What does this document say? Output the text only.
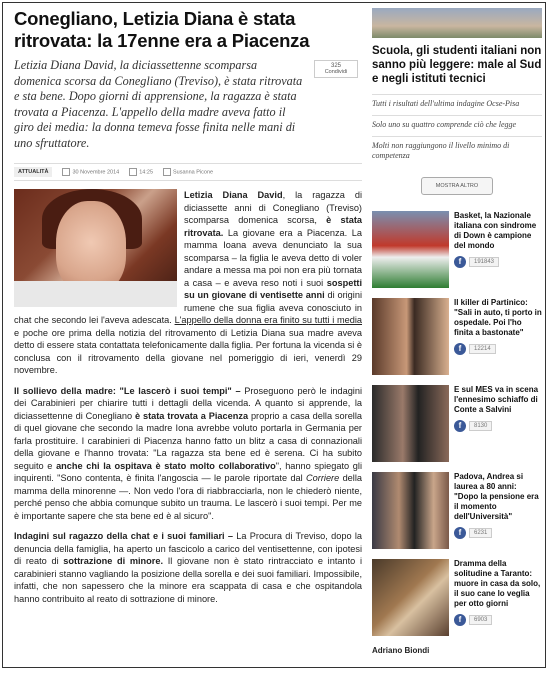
Conegliano, Letizia Diana è stata ritrovata: la 17enne era a Piacenza
Letizia Diana David, la diciassettenne scomparsa domenica scorsa da Conegliano (Treviso), è stata ritrovata e sta bene. Dopo giorni di apprensione, la ragazza è stata trovata a Piacenza. L'appello della madre aveva fatto il giro dei media: la donna temeva fosse finita nelle mani di uno sfruttatore.
325
Condividi
ATTUALITÀ	30 Novembre 2014	14:25	Susanna Picone

Letizia Diana David, la ragazza di diciassette anni di Conegliano (Treviso) scomparsa domenica scorsa, è stata ritrovata. La giovane era a Piacenza. La mamma Ioana aveva denunciato la sua scomparsa – la figlia le aveva detto di voler andare a messa ma poi non era più tornata a casa – e aveva reso noti i suoi sospetti su un giovane di ventisette anni di origini rumene che sua figlia aveva conosciuto in chat che secondo lei l'aveva adescata. L'appello della donna era finito su tutti i media e poche ore prima della notizia del ritrovamento di Letizia Diana sua madre aveva detto di essere stata contattata telefonicamente dalla figlia. Per fortuna la vicenda si è conclusa con il ritrovamento della giovane nel pomeriggio di ieri, venerdì 29 novembre.

Il sollievo della madre: "Le lascerò i suoi tempi" – Proseguono però le indagini dei Carabinieri per chiarire tutti i dettagli della vicenda. A quanto si apprende, la diciassettenne di Conegliano è stata trovata a Piacenza proprio a casa della sorella di quel giovane che secondo la madre Iona avrebbe voluto portarla in Germania per farla prostituire. I carabinieri di Piacenza hanno fatto un blitz a casa di connazionali della giovane e l'hanno trovata: "La ragazza sta bene ed è serena. Ci ha subito seguito e anche chi la ospitava è stato molto collaborativo", hanno spiegato gli inquirenti. "Sono contenta, è finita l'angoscia — le parole riportate dal Corriere della mamma della minorenne —. Non vedo l'ora di riabbracciarla, non le chiederò niente, perché penso che abbia comunque subito un trauma. Le lascerò i suoi tempi. Per me è importante sapere che sta bene ed è al sicuro".

Indagini sul ragazzo della chat e i suoi familiari – La Procura di Treviso, dopo la denuncia della famiglia, ha aperto un fascicolo a carico del ventisettenne, con ipotesi di reato di sottrazione di minore. Il giovane non è stato rintracciato e intanto i carabinieri stanno vagliando la posizione della sorella e dei suoi familiari. Impossibile, infatti, che non sapessero che la minore era scappata di casa e che ospitandola hanno contribuito al reato di sottrazione di minore.

Scuola, gli studenti italiani non sanno più leggere: male al Sud e negli istituti tecnici
Tutti i risultati dell'ultima indagine Ocse-Pisa
Solo uno su quattro comprende ciò che legge
Molti non raggiungono il livello minimo di competenza
MOSTRA ALTRO
Basket, la Nazionale italiana con sindrome di Down è campione del mondo
f	191843
Il killer di Partinico: "Sali in auto, ti porto in ospedale. Poi l'ho finita a bastonate"
f	12214
E sul MES va in scena l'ennesimo schiaffo di Conte a Salvini
f	8130
Padova, Andrea si laurea a 80 anni: "Dopo la pensione era il momento dell'Università"
f	6231
Dramma della solitudine a Taranto: muore in casa da solo, il suo cane lo veglia per otto giorni
f	6903
Adriano Biondi
